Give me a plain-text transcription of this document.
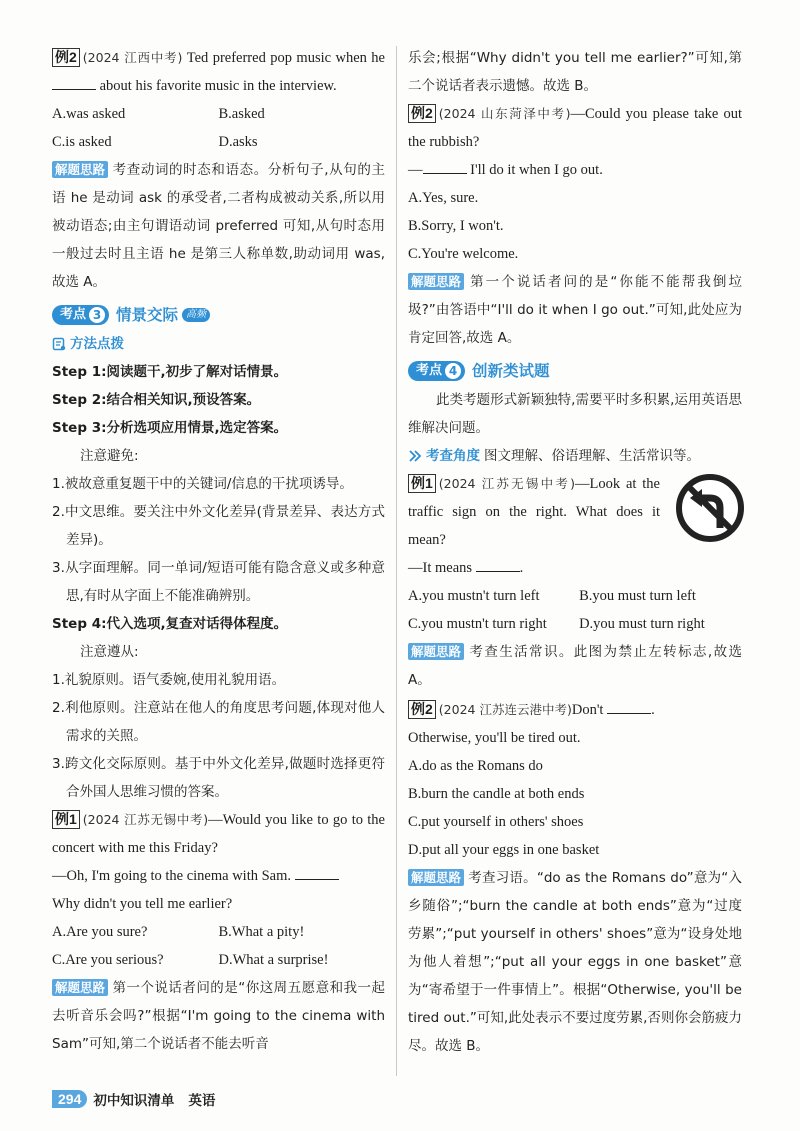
例2 (2024 江西中考) Ted preferred pop music when he  about his favorite music in the interview.

A.was asked	B.asked
C.is asked	D.asks

解题思路 考查动词的时态和语态。分析句子,从句的主语 he 是动词 ask 的承受者,二者构成被动关系,所以用被动语态;由主句谓语动词 preferred 可知,从句时态用一般过去时且主语 he 是第三人称单数,助动词用 was,故选 A。

考点 3 情景交际 高频
方法点拨

Step 1:阅读题干,初步了解对话情景。

Step 2:结合相关知识,预设答案。

Step 3:分析选项应用情景,选定答案。

注意避免:

1.被故意重复题干中的关键词/信息的干扰项诱导。

2.中文思维。要关注中外文化差异(背景差异、表达方式差异)。

3.从字面理解。同一单词/短语可能有隐含意义或多种意思,有时从字面上不能准确辨别。

Step 4:代入选项,复查对话得体程度。

注意遵从:

1.礼貌原则。语气委婉,使用礼貌用语。

2.利他原则。注意站在他人的角度思考问题,体现对他人需求的关照。

3.跨文化交际原则。基于中外文化差异,做题时选择更符合外国人思维习惯的答案。

例1 (2024 江苏无锡中考)—Would you like to go to the concert with me this Friday?

—Oh, I'm going to the cinema with Sam.

Why didn't you tell me earlier?

A.Are you sure?	B.What a pity!
C.Are you serious?	D.What a surprise!

解题思路 第一个说话者问的是“你这周五愿意和我一起去听音乐会吗?”根据“I'm going to the cinema with Sam”可知,第二个说话者不能去听音

乐会;根据“Why didn't you tell me earlier?”可知,第二个说话者表示遗憾。故选 B。

例2 (2024 山东菏泽中考)—Could you please take out the rubbish?

—	I'll do it when I go out.

A.Yes, sure.

B.Sorry, I won't.

C.You're welcome.

解题思路 第一个说话者问的是“你能不能帮我倒垃圾?”由答语中“I'll do it when I go out.”可知,此处应为肯定回答,故选 A。

考点 4 创新类试题

此类考题形式新颖独特,需要平时多积累,运用英语思维解决问题。

考查角度 图文理解、俗语理解、生活常识等。

例1 (2024 江苏无锡中考)—Look at the traffic sign on the right. What does it mean?

—It means	.

A.you mustn't turn left	B.you must turn left
C.you mustn't turn right	D.you must turn right

解题思路 考查生活常识。此图为禁止左转标志,故选 A。

例2 (2024 江苏连云港中考)Don't	.

Otherwise, you'll be tired out.

A.do as the Romans do

B.burn the candle at both ends

C.put yourself in others' shoes

D.put all your eggs in one basket

解题思路 考查习语。“do as the Romans do”意为“入乡随俗”;“burn the candle at both ends”意为“过度劳累”;“put yourself in others' shoes”意为“设身处地为他人着想”;“put all your eggs in one basket”意为“寄希望于一件事情上”。根据“Otherwise, you'll be tired out.”可知,此处表示不要过度劳累,否则你会筋疲力尽。故选 B。

294 初中知识清单 英语
